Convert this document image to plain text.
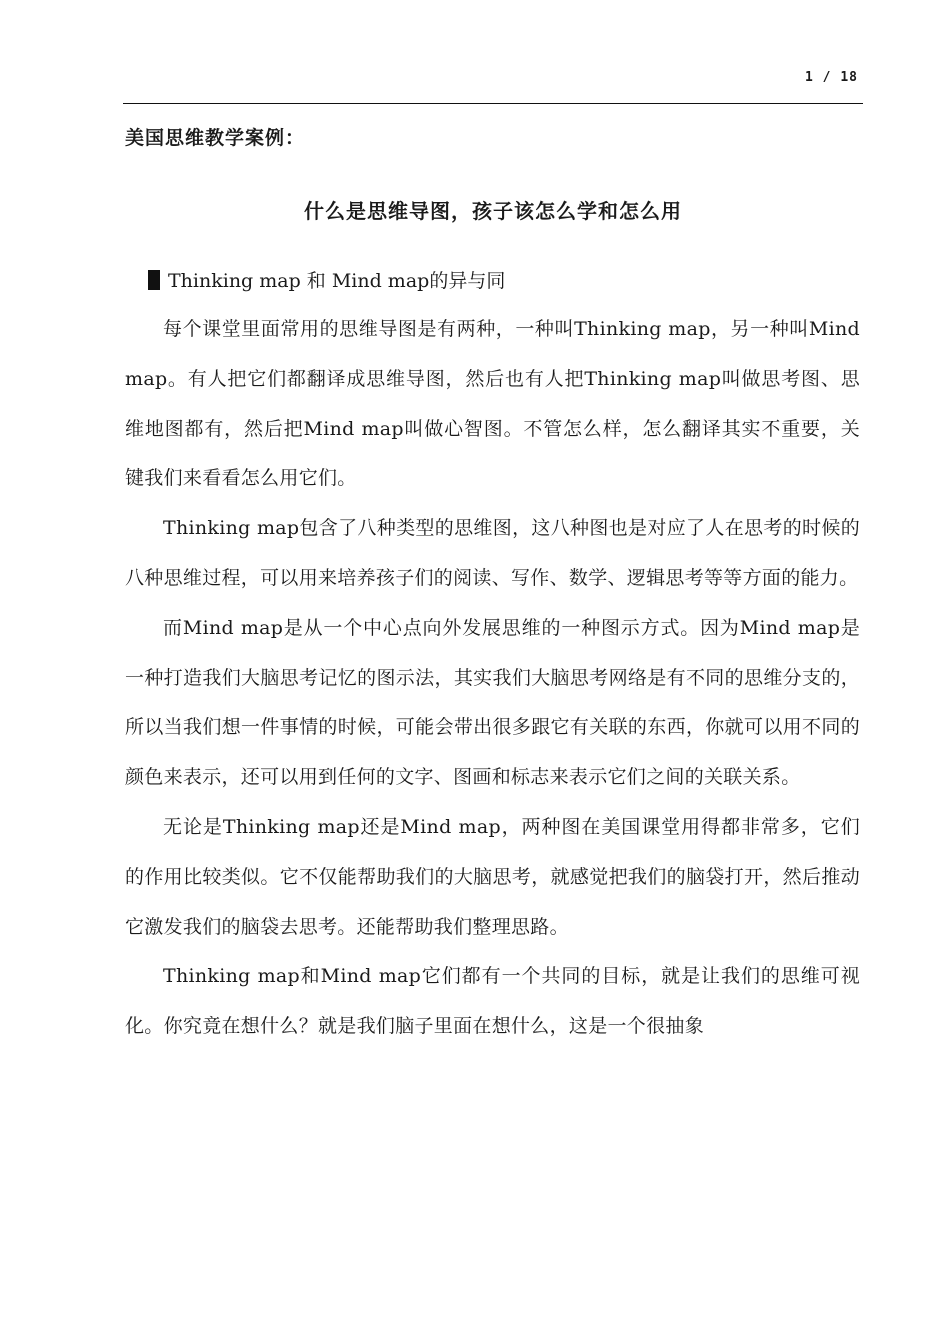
1 / 18
美国思维教学案例：
什么是思维导图，孩子该怎么学和怎么用
Thinking map 和 Mind map的异与同

每个课堂里面常用的思维导图是有两种，一种叫Thinking map，另一种叫Mind map。有人把它们都翻译成思维导图，然后也有人把Thinking map叫做思考图、思维地图都有，然后把Mind map叫做心智图。不管怎么样，怎么翻译其实不重要，关键我们来看看怎么用它们。

Thinking map包含了八种类型的思维图，这八种图也是对应了人在思考的时候的八种思维过程，可以用来培养孩子们的阅读、写作、数学、逻辑思考等等方面的能力。

而Mind map是从一个中心点向外发展思维的一种图示方式。因为Mind map是一种打造我们大脑思考记忆的图示法，其实我们大脑思考网络是有不同的思维分支的，所以当我们想一件事情的时候，可能会带出很多跟它有关联的东西，你就可以用不同的颜色来表示，还可以用到任何的文字、图画和标志来表示它们之间的关联关系。

无论是Thinking map还是Mind map，两种图在美国课堂用得都非常多，它们的作用比较类似。它不仅能帮助我们的大脑思考，就感觉把我们的脑袋打开，然后推动它激发我们的脑袋去思考。还能帮助我们整理思路。

Thinking map和Mind map它们都有一个共同的目标，就是让我们的思维可视化。你究竟在想什么？就是我们脑子里面在想什么，这是一个很抽象
